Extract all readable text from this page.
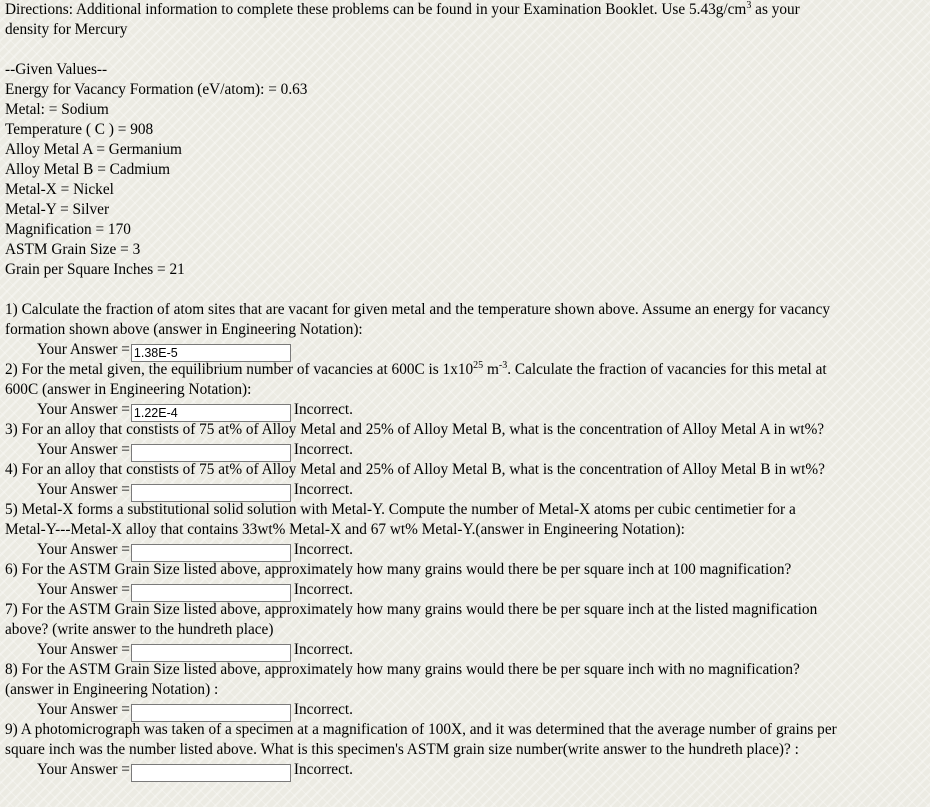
Directions: Additional information to complete these problems can be found in your Examination Booklet. Use $5.43g/cm^3$ as your
density for Mercury
--Given Values--
Energy for Vacancy Formation (eV/atom): = 0.63
Metal: = Sodium
Temperature ( C ) = 908
Alloy Metal A = Germanium
Alloy Metal B = Cadmium
Metal-X = Nickel
Metal-Y = Silver
Magnification = 170
ASTM Grain Size = 3
Grain per Square Inches = 21
1) Calculate the fraction of atom sites that are vacant for given metal and the temperature shown above. Assume an energy for vacancy
formation shown above (answer in Engineering Notation):
Your Answer =1.38E-5
2) For the metal given, the equilibrium number of vacancies at 600C is $1x10^{25}$ $m^{-3}$. Calculate the fraction of vacancies for this metal at
600C (answer in Engineering Notation):
Your Answer =1.22E-4	Incorrect.
3) For an alloy that constists of 75 at% of Alloy Metal and 25% of Alloy Metal B, what is the concentration of Alloy Metal A in wt%?
Your Answer =	Incorrect.
4) For an alloy that constists of 75 at% of Alloy Metal and 25% of Alloy Metal B, what is the concentration of Alloy Metal B in wt%?
Your Answer =	Incorrect.
5) Metal-X forms a substitutional solid solution with Metal-Y. Compute the number of Metal-X atoms per cubic centimetier for a
Metal-Y---Metal-X alloy that contains 33wt% Metal-X and 67 wt% Metal-Y.(answer in Engineering Notation):
Your Answer =	Incorrect.
6) For the ASTM Grain Size listed above, approximately how many grains would there be per square inch at 100 magnification?
Your Answer =	Incorrect.
7) For the ASTM Grain Size listed above, approximately how many grains would there be per square inch at the listed magnification
above? (write answer to the hundreth place)
Your Answer =	Incorrect.
8) For the ASTM Grain Size listed above, approximately how many grains would there be per square inch with no magnification?
(answer in Engineering Notation) :
Your Answer =	Incorrect.
9) A photomicrograph was taken of a specimen at a magnification of 100X, and it was determined that the average number of grains per
square inch was the number listed above. What is this specimen's ASTM grain size number(write answer to the hundreth place)? :
Your Answer =	Incorrect.
